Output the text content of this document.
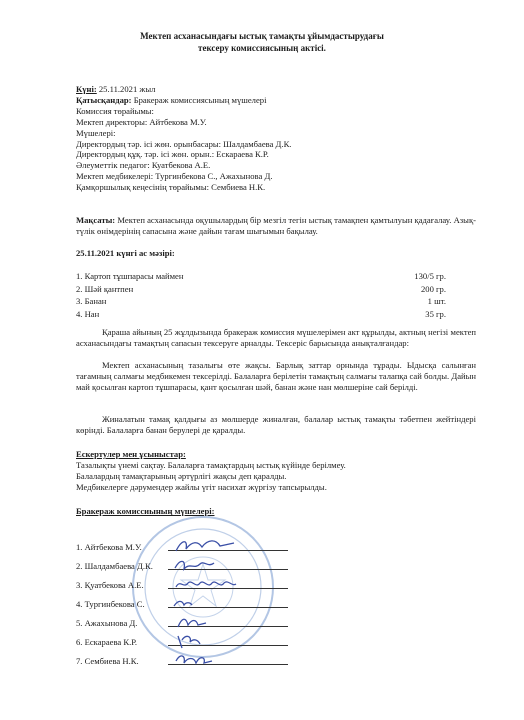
Мектеп асханасындағы ыстық тамақты ұйымдастырудағы
тексеру комиссиясының актісі.
Күні: 25.11.2021 жыл
Қатысқандар: Бракераж комиссиясының мүшелері
Комиссия төрайымы:
Мектеп директоры: Айтбекова М.У.
Мүшелері:
Директордың тәр. ісі жөн. орынбасары: Шалдамбаева Д.К.
Директордың құқ. тәр. ісі жөн. орын.: Ескараева К.Р.
Әлеуметтік педагог: Куатбекова А.Е.
Мектеп медбикелері: Тургинбекова С., Ажахынова Д.
Қамқоршылық кеңесінің төрайымы: Сембиева Н.К.
Мақсаты: Мектеп асханасында оқушылардың бір мезгіл тегін ыстық тамақпен қамтылуын қадағалау. Азық-түлік өнімдерінің сапасына және дайын тағам шығымын бақылау.
25.11.2021 күнгі ас мәзірі:
1. Картоп тұшпарасы маймен	130/5 гр.
2. Шәй қантпен	200 гр.
3. Банан	1 шт.
4. Нан	35 гр.
Қараша айының 25 жұлдызында бракераж комиссия мүшелерімен акт құрылды, актның негізі мектеп асханасындағы тамақтың сапасын тексеруге арналды. Тексеріс барысында анықталғандар:
Мектеп асханасының тазалығы өте жақсы. Барлық заттар орнында тұрады. Ыдысқа салынған тағамның салмағы медбикемен тексерілді. Балаларға берілетін тамақтың салмағы талапқа сай болды. Дайын май қосылған картоп тұшпарасы, қант қосылған шәй, банан және нан мөлшеріне сай берілді.
Жиналатын тамақ қалдығы аз мөлшерде жиналған, балалар ыстық тамақты тәбетпен жейтіндері көрінді. Балаларға банан берулері де қаралды.
Ескертулер мен ұсыныстар:
Тазалықты үнемі сақтау. Балаларға тамақтардың ыстық күйінде берілмеу.
Балалардың тамақтарының әртүрлігі жақсы деп қаралды.
Медбикелерге дәрумендер жайлы үгіт насихат жүргізу тапсырылды.
Бракераж комиссиының мүшелері:
1. Айтбекова М.У.
2. Шалдамбаева Д.К.
3. Қуатбекова А.Е.
4. Тургинбекова С.
5. Ажахынова Д.
6. Ескараева К.Р.
7. Сембиева Н.К.
